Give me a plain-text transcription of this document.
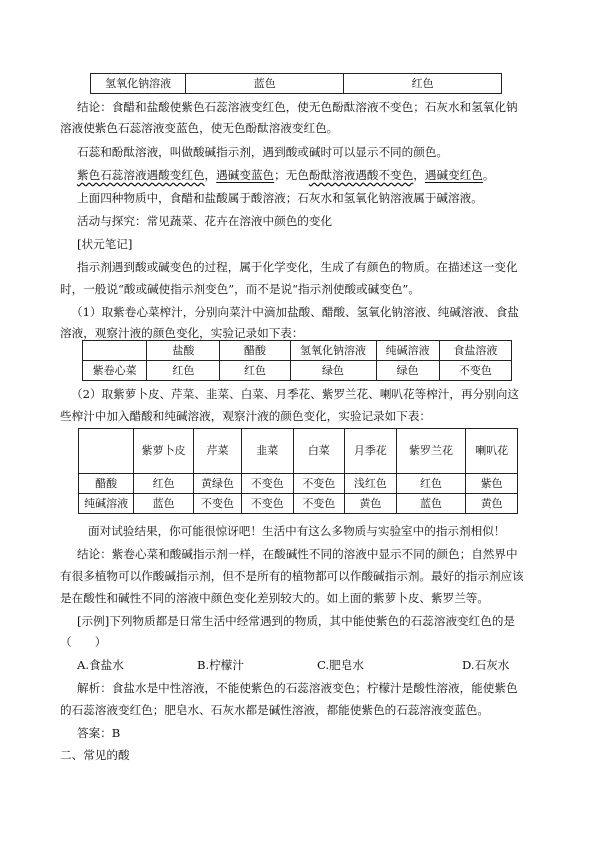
氢氧化钠溶液	蓝色	红色
结论：食醋和盐酸使紫色石蕊溶液变红色，使无色酚酞溶液不变色；石灰水和氢氧化钠
溶液使紫色石蕊溶液变蓝色，使无色酚酞溶液变红色。
石蕊和酚酞溶液，叫做酸碱指示剂，遇到酸或碱时可以显示不同的颜色。
紫色石蕊溶液遇酸变红色，遇碱变蓝色；无色酚酞溶液遇酸不变色，遇碱变红色。
上面四种物质中，食醋和盐酸属于酸溶液；石灰水和氢氧化钠溶液属于碱溶液。
活动与探究：常见蔬菜、花卉在溶液中颜色的变化
[状元笔记]
指示剂遇到酸或碱变色的过程，属于化学变化，生成了有颜色的物质。在描述这一变化
时，一般说“酸或碱使指示剂变色”，而不是说“指示剂使酸或碱变色”。
（1）取紫卷心菜榨汁，分别向菜汁中滴加盐酸、醋酸、氢氧化钠溶液、纯碱溶液、食盐
溶液，观察汁液的颜色变化，实验记录如下表：
	盐酸	醋酸	氢氧化钠溶液	纯碱溶液	食盐溶液
紫卷心菜	红色	红色	绿色	绿色	不变色
（2）取紫萝卜皮、芹菜、韭菜、白菜、月季花、紫罗兰花、喇叭花等榨汁，再分别向这
些榨汁中加入醋酸和纯碱溶液，观察汁液的颜色变化，实验记录如下表：
	紫萝卜皮	芹菜	韭菜	白菜	月季花	紫罗兰花	喇叭花
醋酸	红色	黄绿色	不变色	不变色	浅红色	红色	紫色
纯碱溶液	蓝色	不变色	不变色	不变色	黄色	蓝色	黄色
面对试验结果，你可能很惊讶吧！生活中有这么多物质与实验室中的指示剂相似！
结论：紫卷心菜和酸碱指示剂一样，在酸碱性不同的溶液中显示不同的颜色；自然界中
有很多植物可以作酸碱指示剂，但不是所有的植物都可以作酸碱指示剂。最好的指示剂应该
是在酸性和碱性不同的溶液中颜色变化差别较大的。如上面的紫萝卜皮、紫罗兰等。
[示例]下列物质都是日常生活中经常遇到的物质，其中能使紫色的石蕊溶液变红色的是
（　　）
A.食盐水	B.柠檬汁	C.肥皂水	D.石灰水
解析：食盐水是中性溶液，不能使紫色的石蕊溶液变色；柠檬汁是酸性溶液，能使紫色
的石蕊溶液变红色；肥皂水、石灰水都是碱性溶液，都能使紫色的石蕊溶液变蓝色。
答案：B
二、常见的酸
